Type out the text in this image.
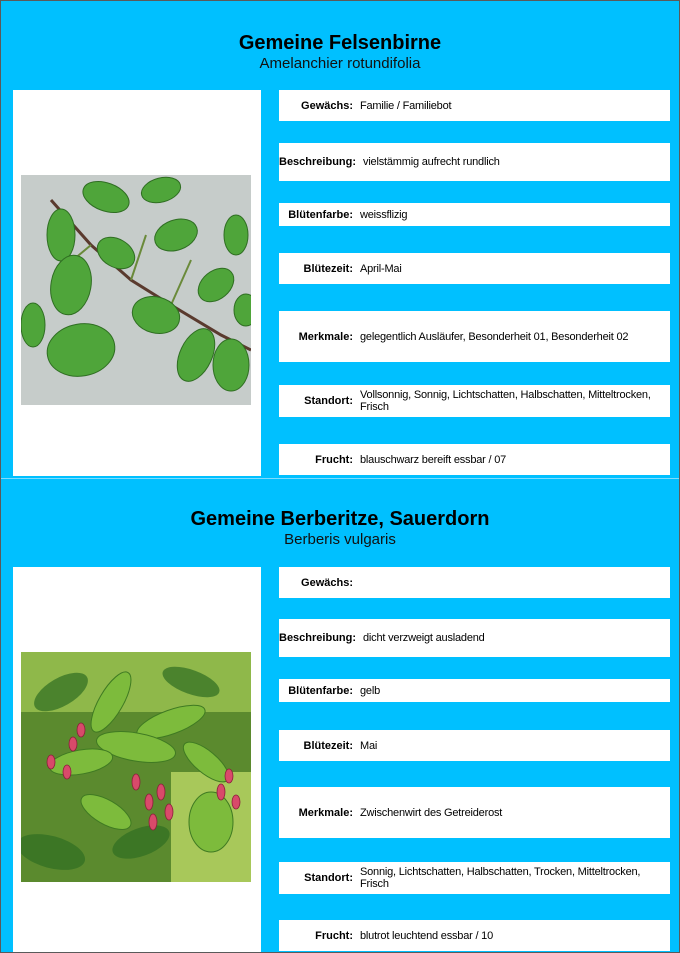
Gemeine Felsenbirne
Amelanchier rotundifolia
Gewächs: Familie / Familiebot
Beschreibung: vielstämmig aufrecht rundlich
Blütenfarbe: weissflizig
Blütezeit: April-Mai
Merkmale: gelegentlich Ausläufer, Besonderheit 01, Besonderheit 02
Standort: Vollsonnig, Sonnig, Lichtschatten, Halbschatten, Mitteltrocken, Frisch
Frucht: blauschwarz bereift essbar / 07
Gemeine Berberitze, Sauerdorn
Berberis vulgaris
Gewächs:
Beschreibung: dicht verzweigt ausladend
Blütenfarbe: gelb
Blütezeit: Mai
Merkmale: Zwischenwirt des Getreiderost
Standort: Sonnig, Lichtschatten, Halbschatten, Trocken, Mitteltrocken, Frisch
Frucht: blutrot leuchtend essbar / 10
